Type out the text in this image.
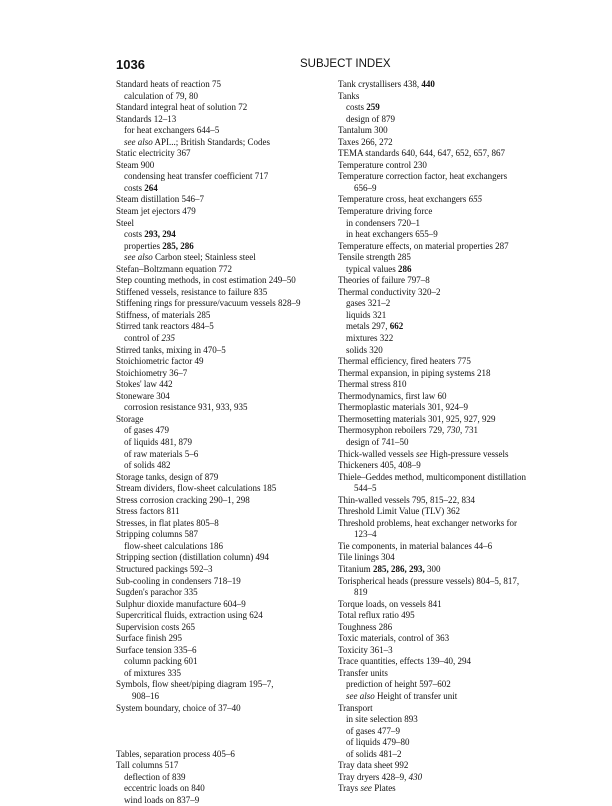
1036	SUBJECT INDEX
Standard heats of reaction 75
calculation of 79, 80
Standard integral heat of solution 72
Standards 12–13
for heat exchangers 644–5
see also API...; British Standards; Codes
Static electricity 367
Steam 900
condensing heat transfer coefficient 717
costs 264
Steam distillation 546–7
Steam jet ejectors 479
Steel
costs 293, 294
properties 285, 286
see also Carbon steel; Stainless steel
Stefan–Boltzmann equation 772
Step counting methods, in cost estimation 249–50
Stiffened vessels, resistance to failure 835
Stiffening rings for pressure/vacuum vessels 828–9
Stiffness, of materials 285
Stirred tank reactors 484–5
control of 235
Stirred tanks, mixing in 470–5
Stoichiometric factor 49
Stoichiometry 36–7
Stokes' law 442
Stoneware 304
corrosion resistance 931, 933, 935
Storage
of gases 479
of liquids 481, 879
of raw materials 5–6
of solids 482
Storage tanks, design of 879
Stream dividers, flow-sheet calculations 185
Stress corrosion cracking 290–1, 298
Stress factors 811
Stresses, in flat plates 805–8
Stripping columns 587
flow-sheet calculations 186
Stripping section (distillation column) 494
Structured packings 592–3
Sub-cooling in condensers 718–19
Sugden's parachor 335
Sulphur dioxide manufacture 604–9
Supercritical fluids, extraction using 624
Supervision costs 265
Surface finish 295
Surface tension 335–6
column packing 601
of mixtures 335
Symbols, flow sheet/piping diagram 195–7,
908–16
System boundary, choice of 37–40
Tables, separation process 405–6
Tall columns 517
deflection of 839
eccentric loads on 840
wind loads on 837–9
Tank crystallisers 438, 440
Tanks
costs 259
design of 879
Tantalum 300
Taxes 266, 272
TEMA standards 640, 644, 647, 652, 657, 867
Temperature control 230
Temperature correction factor, heat exchangers
656–9
Temperature cross, heat exchangers 655
Temperature driving force
in condensers 720–1
in heat exchangers 655–9
Temperature effects, on material properties 287
Tensile strength 285
typical values 286
Theories of failure 797–8
Thermal conductivity 320–2
gases 321–2
liquids 321
metals 297, 662
mixtures 322
solids 320
Thermal efficiency, fired heaters 775
Thermal expansion, in piping systems 218
Thermal stress 810
Thermodynamics, first law 60
Thermoplastic materials 301, 924–9
Thermosetting materials 301, 925, 927, 929
Thermosyphon reboilers 729, 730, 731
design of 741–50
Thick-walled vessels see High-pressure vessels
Thickeners 405, 408–9
Thiele–Geddes method, multicomponent distillation
544–5
Thin-walled vessels 795, 815–22, 834
Threshold Limit Value (TLV) 362
Threshold problems, heat exchanger networks for
123–4
Tie components, in material balances 44–6
Tile linings 304
Titanium 285, 286, 293, 300
Torispherical heads (pressure vessels) 804–5, 817,
819
Torque loads, on vessels 841
Total reflux ratio 495
Toughness 286
Toxic materials, control of 363
Toxicity 361–3
Trace quantities, effects 139–40, 294
Transfer units
prediction of height 597–602
see also Height of transfer unit
Transport
in site selection 893
of gases 477–9
of liquids 479–80
of solids 481–2
Tray data sheet 992
Tray dryers 428–9, 430
Trays see Plates
